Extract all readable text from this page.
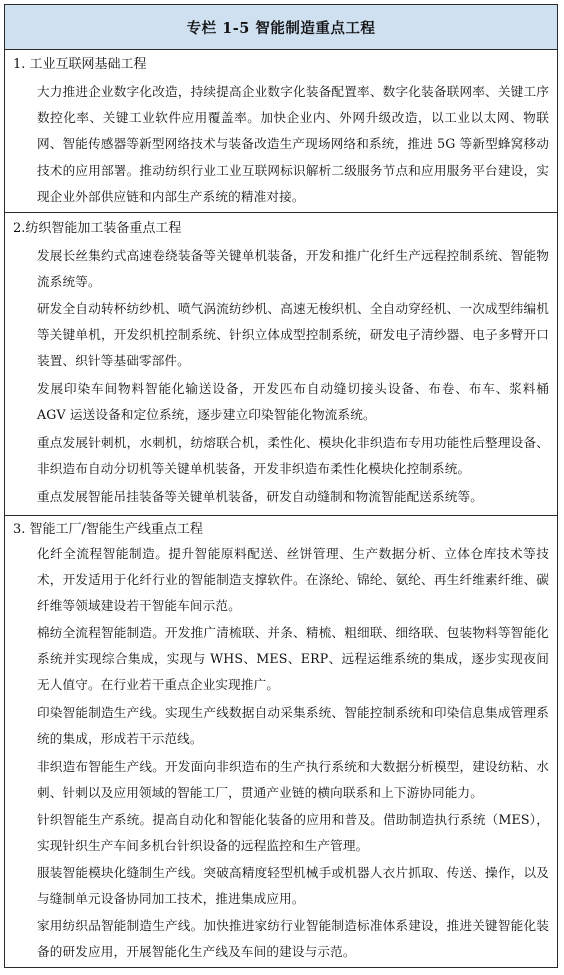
专栏 1-5 智能制造重点工程
1. 工业互联网基础工程
大力推进企业数字化改造，持续提高企业数字化装备配置率、数字化装备联网率、关键工序数控化率、关键工业软件应用覆盖率。加快企业内、外网升级改造，以工业以太网、物联网、智能传感器等新型网络技术与装备改造生产现场网络和系统，推进 5G 等新型蜂窝移动技术的应用部署。推动纺织行业工业互联网标识解析二级服务节点和应用服务平台建设，实现企业外部供应链和内部生产系统的精准对接。
2.纺织智能加工装备重点工程
发展长丝集约式高速卷绕装备等关键单机装备，开发和推广化纤生产远程控制系统、智能物流系统等。
研发全自动转杯纺纱机、喷气涡流纺纱机、高速无梭织机、全自动穿经机、一次成型纬编机等关键单机，开发织机控制系统、针织立体成型控制系统，研发电子清纱器、电子多臂开口装置、织针等基础零部件。
发展印染车间物料智能化输送设备，开发匹布自动缝切接头设备、布卷、布车、浆料桶 AGV 运送设备和定位系统，逐步建立印染智能化物流系统。
重点发展针刺机，水刺机，纺熔联合机，柔性化、模块化非织造布专用功能性后整理设备、非织造布自动分切机等关键单机装备，开发非织造布柔性化模块化控制系统。
重点发展智能吊挂装备等关键单机装备，研发自动缝制和物流智能配送系统等。
3. 智能工厂/智能生产线重点工程
化纤全流程智能制造。提升智能原料配送、丝饼管理、生产数据分析、立体仓库技术等技术，开发适用于化纤行业的智能制造支撑软件。在涤纶、锦纶、氨纶、再生纤维素纤维、碳纤维等领域建设若干智能车间示范。
棉纺全流程智能制造。开发推广清梳联、并条、精梳、粗细联、细络联、包装物料等智能化系统并实现综合集成，实现与 WHS、MES、ERP、远程运维系统的集成，逐步实现夜间无人值守。在行业若干重点企业实现推广。
印染智能制造生产线。实现生产线数据自动采集系统、智能控制系统和印染信息集成管理系统的集成，形成若干示范线。
非织造布智能生产线。开发面向非织造布的生产执行系统和大数据分析模型，建设纺粘、水刺、针刺以及应用领域的智能工厂，贯通产业链的横向联系和上下游协同能力。
针织智能生产系统。提高自动化和智能化装备的应用和普及。借助制造执行系统（MES），实现针织生产车间多机台针织设备的远程监控和生产管理。
服装智能模块化缝制生产线。突破高精度轻型机械手或机器人衣片抓取、传送、操作，以及与缝制单元设备协同加工技术，推进集成应用。
家用纺织品智能制造生产线。加快推进家纺行业智能制造标准体系建设，推进关键智能化装备的研发应用，开展智能化生产线及车间的建设与示范。
